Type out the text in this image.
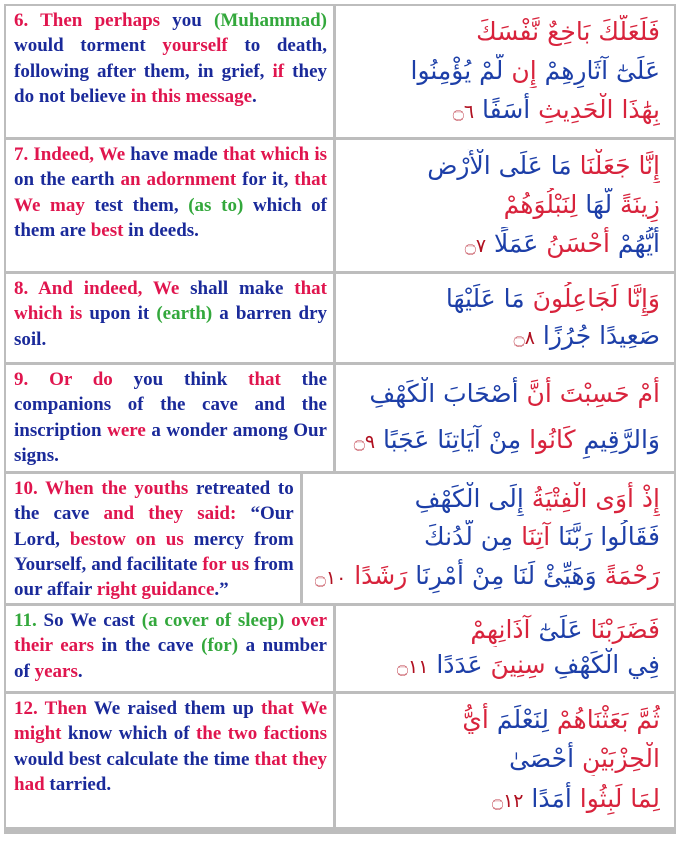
6. Then perhaps you (Muhammad) would torment yourself to death, following after them, in grief, if they do not believe in this message.
فَلَعَلَّكَ بَاخِعٌ نَّفْسَكَ
عَلَىٰٓ آثَارِهِمْ إِن لَّمْ يُؤْمِنُوا
بِهَٰذَا الْحَدِيثِ أَسَفًا ۝٦
7. Indeed, We have made that which is on the earth an adornment for it, that We may test them, (as to) which of them are best in deeds.
إِنَّا جَعَلْنَا مَا عَلَى الْأَرْضِ
زِينَةً لَّهَا لِنَبْلُوَهُمْ
أَيُّهُمْ أَحْسَنُ عَمَلًا ۝٧
8. And indeed, We shall make that which is upon it (earth) a barren dry soil.
وَإِنَّا لَجَاعِلُونَ مَا عَلَيْهَا
صَعِيدًا جُرُزًا ۝٨
9. Or do you think that the companions of the cave and the inscription were a wonder among Our signs.
أَمْ حَسِبْتَ أَنَّ أَصْحَابَ الْكَهْفِ
وَالرَّقِيمِ كَانُوا مِنْ آيَاتِنَا عَجَبًا ۝٩
10. When the youths retreated to the cave and they said: “Our Lord, bestow on us mercy from Yourself, and facilitate for us from our affair right guidance.”
إِذْ أَوَى الْفِتْيَةُ إِلَى الْكَهْفِ
فَقَالُوا رَبَّنَا آتِنَا مِن لَّدُنكَ
رَحْمَةً وَهَيِّئْ لَنَا مِنْ أَمْرِنَا رَشَدًا ۝١٠
11. So We cast (a cover of sleep) over their ears in the cave (for) a number of years.
فَضَرَبْنَا عَلَىٰٓ آذَانِهِمْ
فِي الْكَهْفِ سِنِينَ عَدَدًا ۝١١
12. Then We raised them up that We might know which of the two factions would best calculate the time that they had tarried.
ثُمَّ بَعَثْنَاهُمْ لِنَعْلَمَ أَيُّ
الْحِزْبَيْنِ أَحْصَىٰ
لِمَا لَبِثُوا أَمَدًا ۝١٢
